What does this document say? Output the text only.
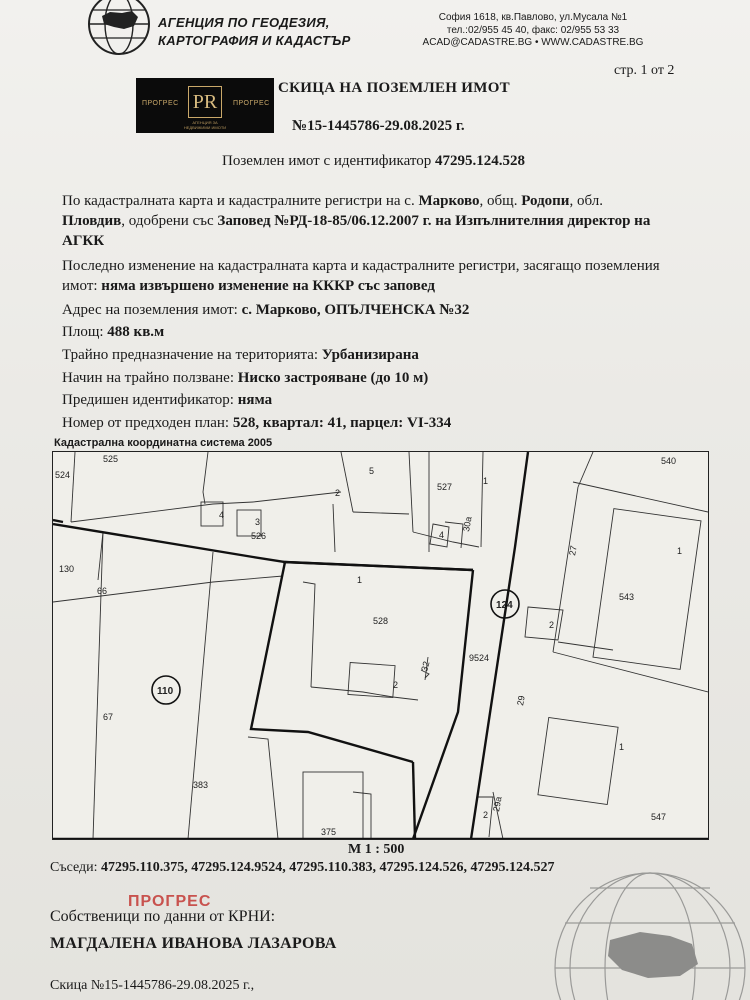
АГЕНЦИЯ ПО ГЕОДЕЗИЯ,
КАРТОГРАФИЯ И КАДАСТЪР
София 1618, кв.Павлово, ул.Мусала №1
тел.:02/955 45 40, факс: 02/955 53 33
ACAD@CADASTRE.BG • WWW.CADASTRE.BG
стр. 1 от 2
ПРОГРЕС PR	ПРОГРЕС
АГЕНЦИЯ ЗА НЕДВИЖИМИ ИМОТИ
СКИЦА НА ПОЗЕМЛЕН ИМОТ
№15-1445786-29.08.2025 г.
Поземлен имот с идентификатор 47295.124.528
По кадастралната карта и кадастралните регистри на с. Марково, общ. Родопи, обл.
Пловдив, одобрени със Заповед №РД-18-85/06.12.2007 г. на Изпълнителния директор на
АГКК
Последно изменение на кадастралната карта и кадастралните регистри, засягащо поземления
имот: няма извършено изменение на КККР със заповед
Адрес на поземления имот: с. Марково, ОПЪЛЧЕНСКА №32
Площ: 488 кв.м
Трайно предназначение на територията: Урбанизирана
Начин на трайно ползване: Ниско застрояване (до 10 м)
Предишен идентификатор: няма
Номер от предходен план: 528, квартал: 41, парцел: VI-334
Кадастрална координатна система 2005
524
525
5
2
527
1
540
4
3
526	4
30а
27	1
130
66
1
528
543
124
2
9524
2
32
110
67
29
1
383
375
29а
2	547
М 1 : 500
Съседи: 47295.110.375, 47295.124.9524, 47295.110.383, 47295.124.526, 47295.124.527
ПРОГРЕС
Собственици по данни от КРНИ:
МАГДАЛЕНА ИВАНОВА ЛАЗАРОВА
Скица №15-1445786-29.08.2025 г.,
